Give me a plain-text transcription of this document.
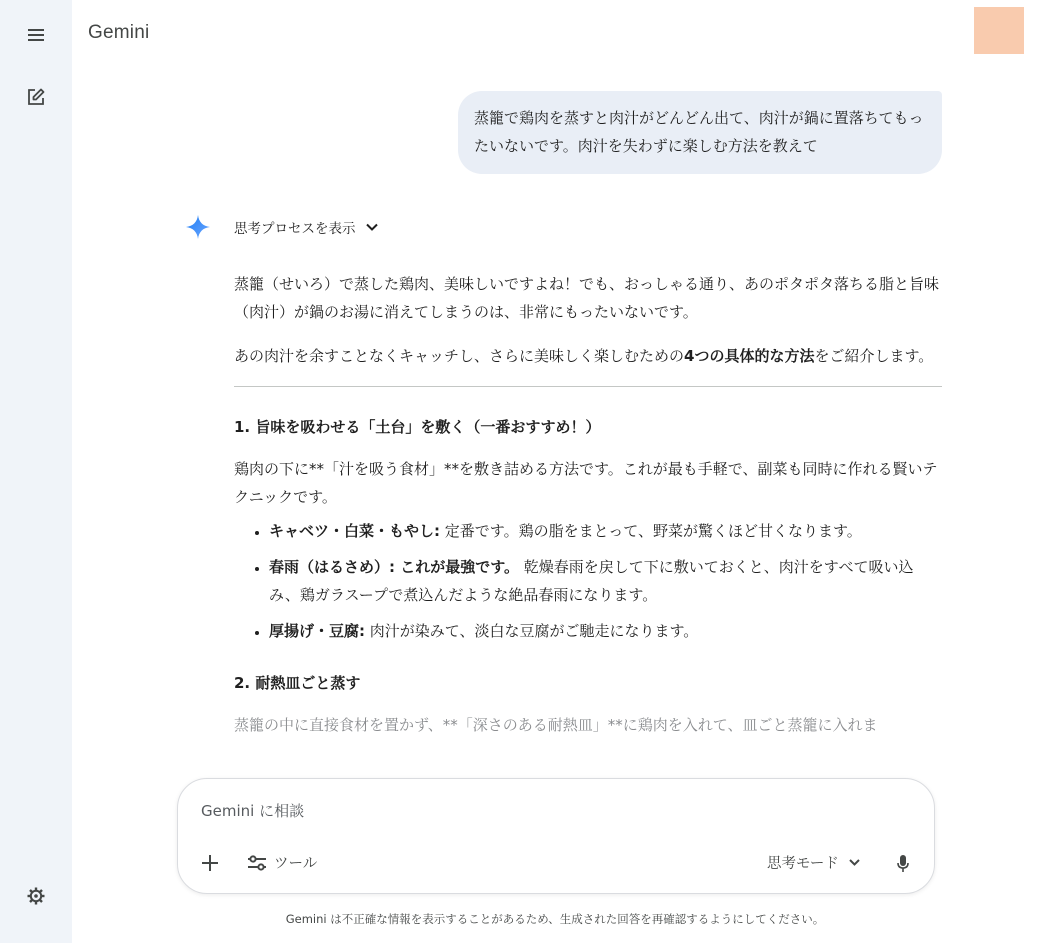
Gemini
蒸籠で鶏肉を蒸すと肉汁がどんどん出て、肉汁が鍋に置落ちてもったいないです。肉汁を失わずに楽しむ方法を教えて
思考プロセスを表示

蒸籠（せいろ）で蒸した鶏肉、美味しいですよね！でも、おっしゃる通り、あのポタポタ落ちる脂と旨味（肉汁）が鍋のお湯に消えてしまうのは、非常にもったいないです。

あの肉汁を余すことなくキャッチし、さらに美味しく楽しむための4つの具体的な方法をご紹介します。

1. 旨味を吸わせる「土台」を敷く（一番おすすめ！）

鶏肉の下に**「汁を吸う食材」**を敷き詰める方法です。これが最も手軽で、副菜も同時に作れる賢いテクニックです。

• キャベツ・白菜・もやし: 定番です。鶏の脂をまとって、野菜が驚くほど甘くなります。
• 春雨（はるさめ）: これが最強です。 乾燥春雨を戻して下に敷いておくと、肉汁をすべて吸い込み、鶏ガラスープで煮込んだような絶品春雨になります。
• 厚揚げ・豆腐: 肉汁が染みて、淡白な豆腐がご馳走になります。
2. 耐熱皿ごと蒸す

蒸籠の中に直接食材を置かず、**「深さのある耐熱皿」**に鶏肉を入れて、皿ごと蒸籠に入れま

Gemini に相談
ツール	思考モード
Gemini は不正確な情報を表示することがあるため、生成された回答を再確認するようにしてください。
